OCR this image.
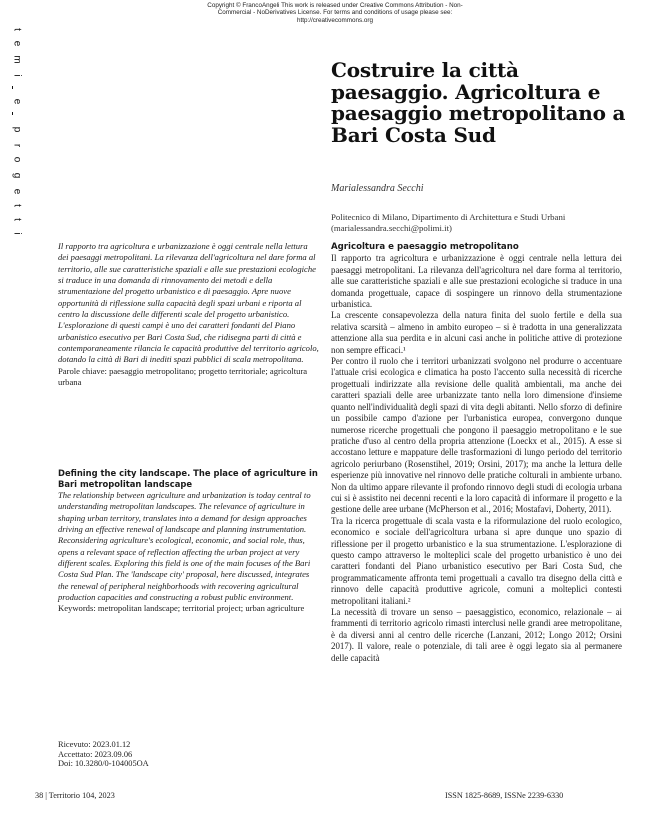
Copyright © FrancoAngeli This work is released under Creative Commons Attribution - Non-Commercial - NoDerivatives License. For terms and conditions of usage please see: http://creativecommons.org
t
e
m
i
e
p
r
o
g
e
t
t
i
Costruire la città paesaggio. Agricoltura e paesaggio metropolitano a Bari Costa Sud
Marialessandra Secchi
Politecnico di Milano, Dipartimento di Architettura e Studi Urbani (marialessandra.secchi@polimi.it)
Il rapporto tra agricoltura e urbanizzazione è oggi centrale nella lettura dei paesaggi metropolitani. La rilevanza dell'agricoltura nel dare forma al territorio, alle sue caratteristiche spaziali e alle sue prestazioni ecologiche si traduce in una domanda di rinnovamento dei metodi e della strumentazione del progetto urbanistico e di paesaggio. Apre nuove opportunità di riflessione sulla capacità degli spazi urbani e riporta al centro la discussione delle differenti scale del progetto urbanistico. L'esplorazione di questi campi è uno dei caratteri fondanti del Piano urbanistico esecutivo per Bari Costa Sud, che ridisegna parti di città e contemporaneamente rilancia le capacità produttive del territorio agricolo, dotando la città di Bari di inediti spazi pubblici di scala metropolitana.
Parole chiave: paesaggio metropolitano; progetto territoriale; agricoltura urbana
Defining the city landscape. The place of agriculture in Bari metropolitan landscape
The relationship between agriculture and urbanization is today central to understanding metropolitan landscapes. The relevance of agriculture in shaping urban territory, translates into a demand for design approaches driving an effective renewal of landscape and planning instrumentation. Reconsidering agriculture's ecological, economic, and social role, thus, opens a relevant space of reflection affecting the urban project at very different scales. Exploring this field is one of the main focuses of the Bari Costa Sud Plan. The 'landscape city' proposal, here discussed, integrates the renewal of peripheral neighborhoods with recovering agricultural production capacities and constructing a robust public environment.
Keywords: metropolitan landscape; territorial project; urban agriculture
Ricevuto: 2023.01.12
Accettato: 2023.09.06
Doi: 10.3280/0-104005OA
Agricoltura e paesaggio metropolitano

Il rapporto tra agricoltura e urbanizzazione è oggi centrale nella lettura dei paesaggi metropolitani. La rilevanza dell'agricoltura nel dare forma al territorio, alle sue caratteristiche spaziali e alle sue prestazioni ecologiche si traduce in una domanda progettuale, capace di sospingere un rinnovo della strumentazione urbanistica.

La crescente consapevolezza della natura finita del suolo fertile e della sua relativa scarsità – almeno in ambito europeo – si è tradotta in una generalizzata attenzione alla sua perdita e in alcuni casi anche in politiche attive di protezione non sempre efficaci.¹

Per contro il ruolo che i territori urbanizzati svolgono nel produrre o accentuare l'attuale crisi ecologica e climatica ha posto l'accento sulla necessità di ricerche progettuali indirizzate alla revisione delle qualità ambientali, ma anche dei caratteri spaziali delle aree urbanizzate tanto nella loro dimensione d'insieme quanto nell'individualità degli spazi di vita degli abitanti. Nello sforzo di definire un possibile campo d'azione per l'urbanistica europea, convergono dunque numerose ricerche progettuali che pongono il paesaggio metropolitano e le sue pratiche d'uso al centro della propria attenzione (Loeckx et al., 2015). A esse si accostano letture e mappature delle trasformazioni di lungo periodo del territorio agricolo periurbano (Rosenstihel, 2019; Orsini, 2017); ma anche la lettura delle esperienze più innovative nel rinnovo delle pratiche colturali in ambiente urbano. Non da ultimo appare rilevante il profondo rinnovo degli studi di ecologia urbana cui si è assistito nei decenni recenti e la loro capacità di informare il progetto e la gestione delle aree urbane (McPherson et al., 2016; Mostafavi, Doherty, 2011).

Tra la ricerca progettuale di scala vasta e la riformulazione del ruolo ecologico, economico e sociale dell'agricoltura urbana si apre dunque uno spazio di riflessione per il progetto urbanistico e la sua strumentazione. L'esplorazione di questo campo attraverso le molteplici scale del progetto urbanistico è uno dei caratteri fondanti del Piano urbanistico esecutivo per Bari Costa Sud, che programmaticamente affronta temi progettuali a cavallo tra disegno della città e rinnovo delle capacità produttive agricole, comuni a molteplici contesti metropolitani italiani.²

La necessità di trovare un senso – paesaggistico, economico, relazionale – ai frammenti di territorio agricolo rimasti interclusi nelle grandi aree metropolitane, è da diversi anni al centro delle ricerche (Lanzani, 2012; Longo 2012; Orsini 2017). Il valore, reale o potenziale, di tali aree è oggi legato sia al permanere delle capacità

38 | Territorio 104, 2023	ISSN 1825-8689, ISSNe 2239-6330
